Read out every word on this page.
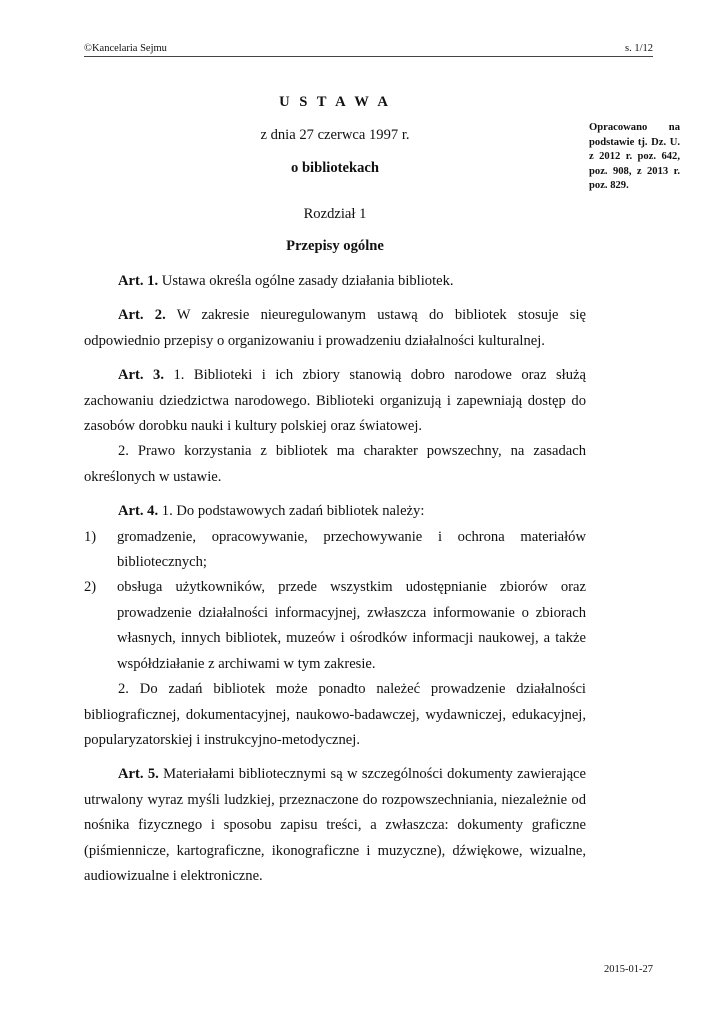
©Kancelaria Sejmu	s. 1/12
Opracowano na podstawie tj. Dz. U. z 2012 r. poz. 642, poz. 908, z 2013 r. poz. 829.
U S T A W A
z dnia 27 czerwca 1997 r.
o bibliotekach
Rozdział 1
Przepisy ogólne

Art. 1. Ustawa określa ogólne zasady działania bibliotek.

Art. 2. W zakresie nieuregulowanym ustawą do bibliotek stosuje się odpowiednio przepisy o organizowaniu i prowadzeniu działalności kulturalnej.

Art. 3. 1. Biblioteki i ich zbiory stanowią dobro narodowe oraz służą zachowaniu dziedzictwa narodowego. Biblioteki organizują i zapewniają dostęp do zasobów dorobku nauki i kultury polskiej oraz światowej.

2. Prawo korzystania z bibliotek ma charakter powszechny, na zasadach określonych w ustawie.

Art. 4. 1. Do podstawowych zadań bibliotek należy:

1)	gromadzenie, opracowywanie, przechowywanie i ochrona materiałów bibliotecznych;
2)	obsługa użytkowników, przede wszystkim udostępnianie zbiorów oraz prowadzenie działalności informacyjnej, zwłaszcza informowanie o zbiorach własnych, innych bibliotek, muzeów i ośrodków informacji naukowej, a także współdziałanie z archiwami w tym zakresie.

2. Do zadań bibliotek może ponadto należeć prowadzenie działalności bibliograficznej, dokumentacyjnej, naukowo-badawczej, wydawniczej, edukacyjnej, popularyzatorskiej i instrukcyjno-metodycznej.

Art. 5. Materiałami bibliotecznymi są w szczególności dokumenty zawierające utrwalony wyraz myśli ludzkiej, przeznaczone do rozpowszechniania, niezależnie od nośnika fizycznego i sposobu zapisu treści, a zwłaszcza: dokumenty graficzne (piśmiennicze, kartograficzne, ikonograficzne i muzyczne), dźwiękowe, wizualne, audiowizualne i elektroniczne.

2015-01-27
